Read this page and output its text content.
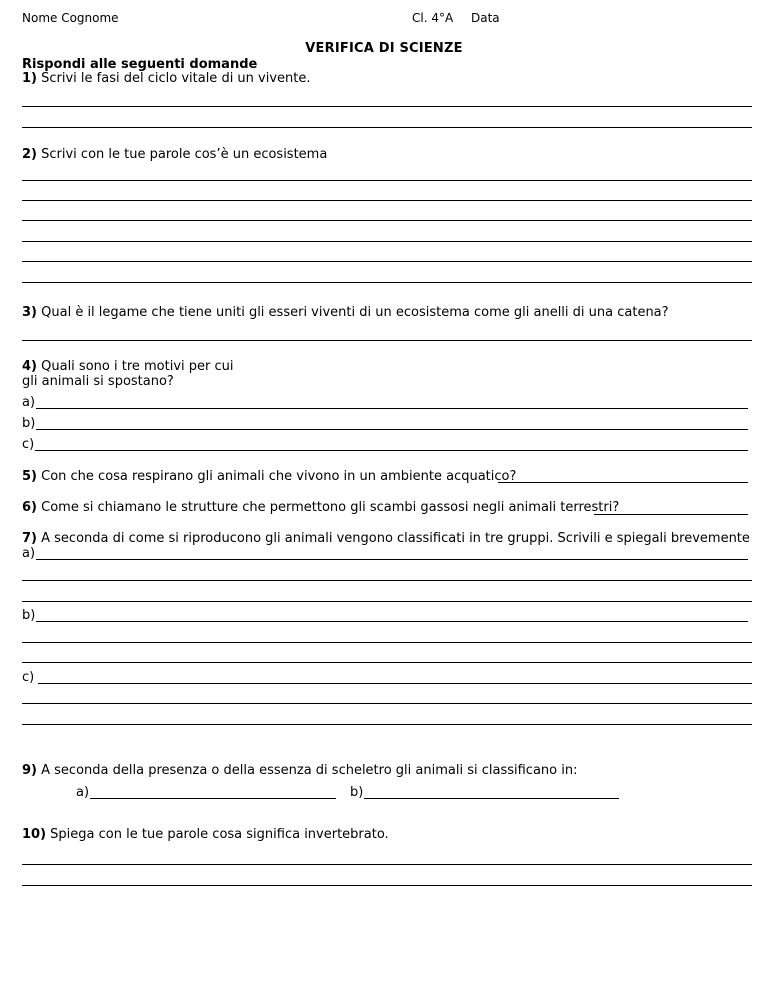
Nome Cognome	Cl. 4°A Data
VERIFICA DI SCIENZE
Rispondi alle seguenti domande
1) Scrivi le fasi del ciclo vitale di un vivente.
2) Scrivi con le tue parole cos’è un ecosistema
3) Qual è il legame che tiene uniti gli esseri viventi di un ecosistema come gli anelli di una catena?
4) Quali sono i tre motivi per cui
gli animali si spostano?
a)
b)
c)
5) Con che cosa respirano gli animali che vivono in un ambiente acquatico?
6) Come si chiamano le strutture che permettono gli scambi gassosi negli animali terrestri?
7) A seconda di come si riproducono gli animali vengono classificati in tre gruppi. Scrivili e spiegali brevemente
a)
b)
c)
9) A seconda della presenza o della essenza di scheletro gli animali si classificano in:
a)	b)
10) Spiega con le tue parole cosa significa invertebrato.
